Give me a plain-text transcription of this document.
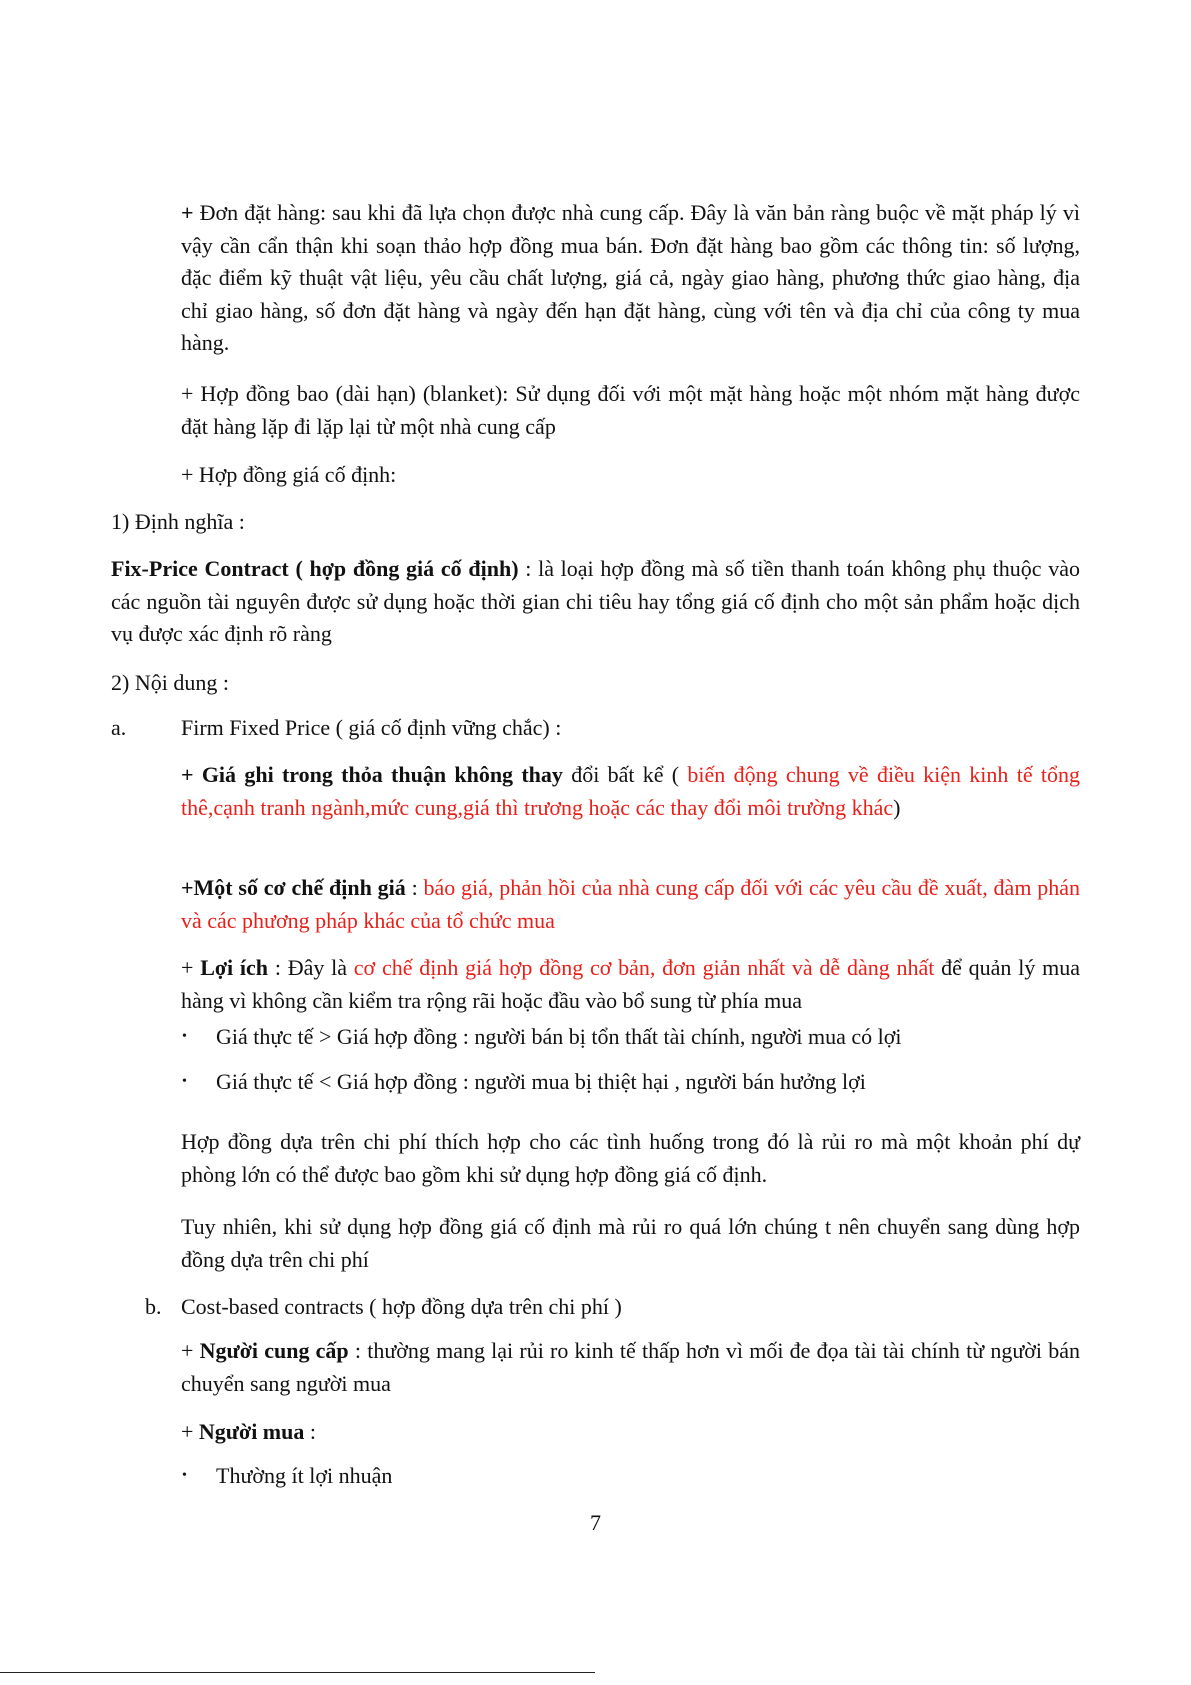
+ Đơn đặt hàng: sau khi đã lựa chọn được nhà cung cấp. Đây là văn bản ràng buộc về mặt pháp lý vì vậy cần cẩn thận khi soạn thảo hợp đồng mua bán. Đơn đặt hàng bao gồm các thông tin: số lượng, đặc điểm kỹ thuật vật liệu, yêu cầu chất lượng, giá cả, ngày giao hàng, phương thức giao hàng, địa chỉ giao hàng, số đơn đặt hàng và ngày đến hạn đặt hàng, cùng với tên và địa chỉ của công ty mua hàng.

+ Hợp đồng bao (dài hạn) (blanket): Sử dụng đối với một mặt hàng hoặc một nhóm mặt hàng được đặt hàng lặp đi lặp lại từ một nhà cung cấp

+ Hợp đồng giá cố định:

1) Định nghĩa :

Fix-Price Contract ( hợp đồng giá cố định) : là loại hợp đồng mà số tiền thanh toán không phụ thuộc vào các nguồn tài nguyên được sử dụng hoặc thời gian chi tiêu hay tổng giá cố định cho một sản phẩm hoặc dịch vụ được xác định rõ ràng

2) Nội dung :

a. Firm Fixed Price ( giá cố định vững chắc) :

+ Giá ghi trong thỏa thuận không thay đổi bất kể ( biến động chung về điều kiện kinh tế tổng thê,cạnh tranh ngành,mức cung,giá thì trương hoặc các thay đổi môi trường khác)

+Một số cơ chế định giá : báo giá, phản hồi của nhà cung cấp đối với các yêu cầu đề xuất, đàm phán và các phương pháp khác của tổ chức mua

+ Lợi ích : Đây là cơ chế định giá hợp đồng cơ bản, đơn giản nhất và dễ dàng nhất để quản lý mua hàng vì không cần kiểm tra rộng rãi hoặc đầu vào bổ sung từ phía mua

• Giá thực tế > Giá hợp đồng : người bán bị tổn thất tài chính, người mua có lợi

• Giá thực tế < Giá hợp đồng : người mua bị thiệt hại , người bán hưởng lợi

Hợp đồng dựa trên chi phí thích hợp cho các tình huống trong đó là rủi ro mà một khoản phí dự phòng lớn có thể được bao gồm khi sử dụng hợp đồng giá cố định.

Tuy nhiên, khi sử dụng hợp đồng giá cố định mà rủi ro quá lớn chúng t nên chuyển sang dùng hợp đồng dựa trên chi phí

b. Cost-based contracts ( hợp đồng dựa trên chi phí )

+ Người cung cấp : thường mang lại rủi ro kinh tế thấp hơn vì mối đe đọa tài tài chính từ người bán chuyển sang người mua

+ Người mua :

• Thường ít lợi nhuận

7
